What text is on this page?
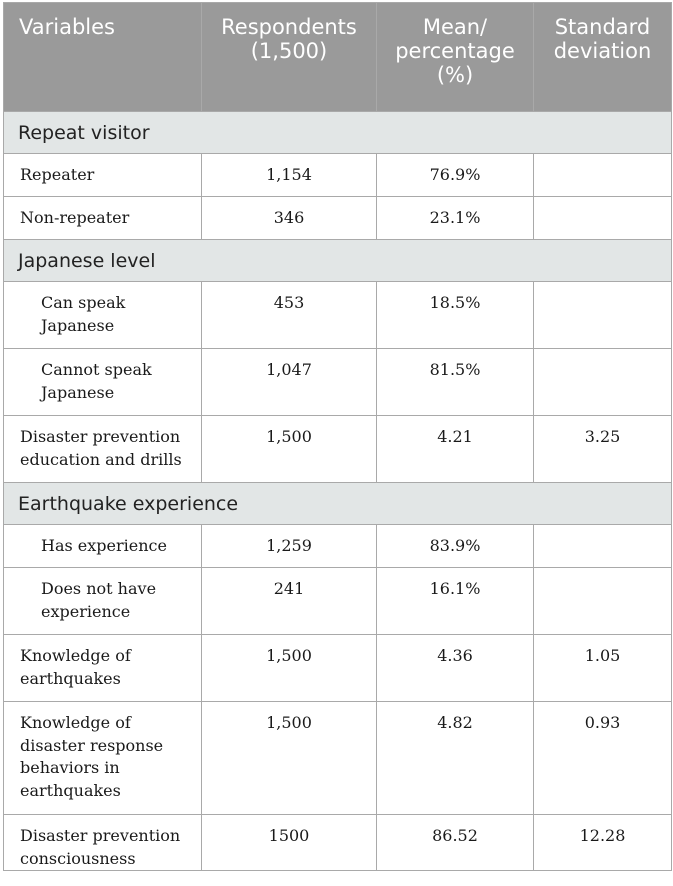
Variables	Respondents (1,500)	Mean/ percentage (%)	Standard deviation
Repeat visitor			
Repeater	1,154	76.9%	
Non-repeater	346	23.1%	
Japanese level			
Can speak Japanese	453	18.5%	
Cannot speak Japanese	1,047	81.5%	
Disaster prevention education and drills	1,500	4.21	3.25
Earthquake experience			
Has experience	1,259	83.9%	
Does not have experience	241	16.1%	
Knowledge of earthquakes	1,500	4.36	1.05
Knowledge of disaster response behaviors in earthquakes	1,500	4.82	0.93
Disaster prevention consciousness	1500	86.52	12.28
